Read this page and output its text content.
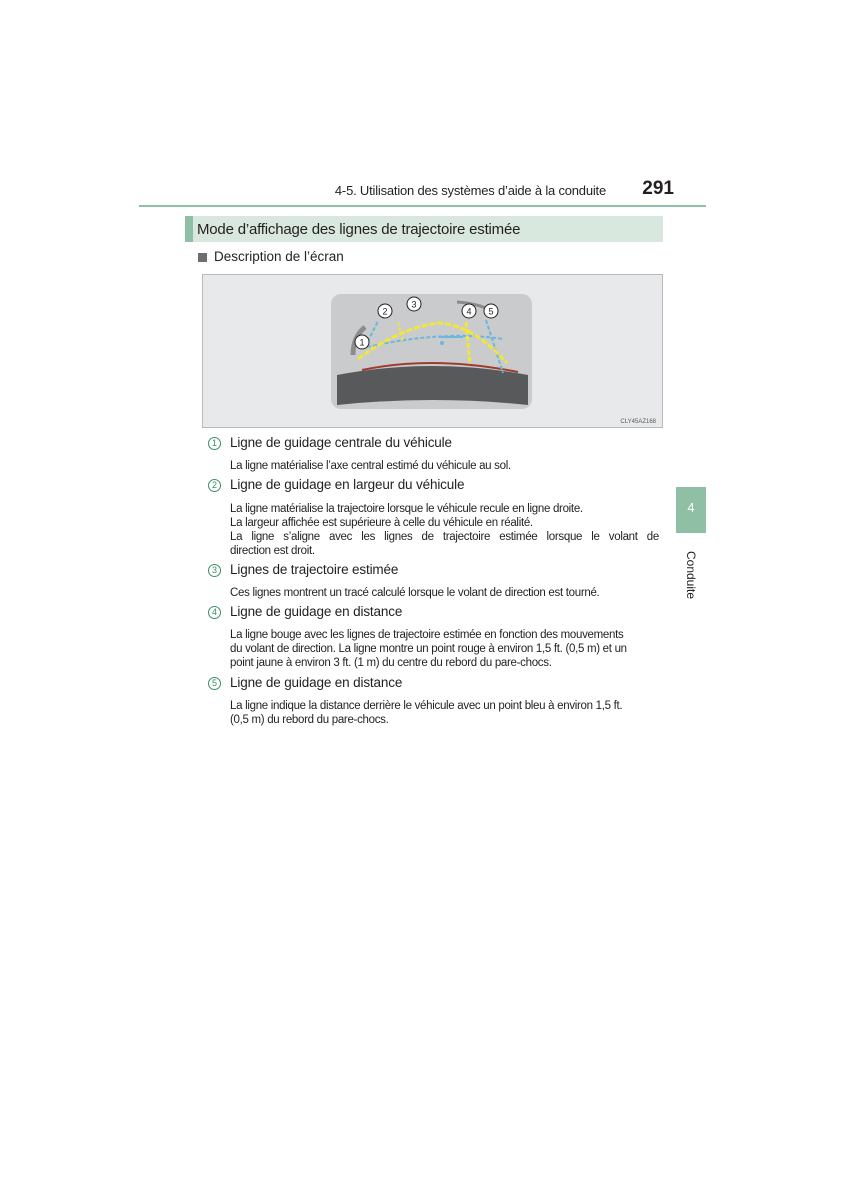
4-5. Utilisation des systèmes d’aide à la conduite	291
Mode d’affichage des lignes de trajectoire estimée
Description de l’écran
1
2
3
4 5
CLY45AZ168
1 Ligne de guidage centrale du véhicule
La ligne matérialise l’axe central estimé du véhicule au sol.
2 Ligne de guidage en largeur du véhicule
La ligne matérialise la trajectoire lorsque le véhicule recule en ligne droite.
La largeur affichée est supérieure à celle du véhicule en réalité.
La ligne s’aligne avec les lignes de trajectoire estimée lorsque le volant de
direction est droit.
3 Lignes de trajectoire estimée
Ces lignes montrent un tracé calculé lorsque le volant de direction est tourné.
4 Ligne de guidage en distance
La ligne bouge avec les lignes de trajectoire estimée en fonction des mouvements
du volant de direction. La ligne montre un point rouge à environ 1,5 ft. (0,5 m) et un
point jaune à environ 3 ft. (1 m) du centre du rebord du pare-chocs.
5 Ligne de guidage en distance
La ligne indique la distance derrière le véhicule avec un point bleu à environ 1,5 ft.
(0,5 m) du rebord du pare-chocs.
4
Conduite
